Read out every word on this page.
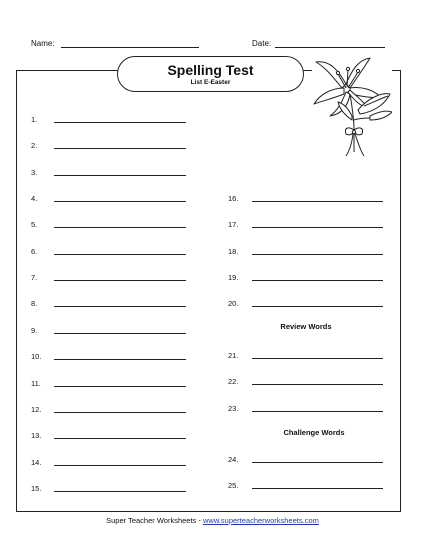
Name:	Date:
Spelling Test
List E-Easter
1.
2.
3.
4.
5.
6.
7.
8.
9.
10.
11.
12.
13.
14.
15.
16.
17.
18.
19.
20.
21.
22.
23.
24.
25.
Review Words
Challenge Words
Super Teacher Worksheets - www.superteacherworksheets.com
